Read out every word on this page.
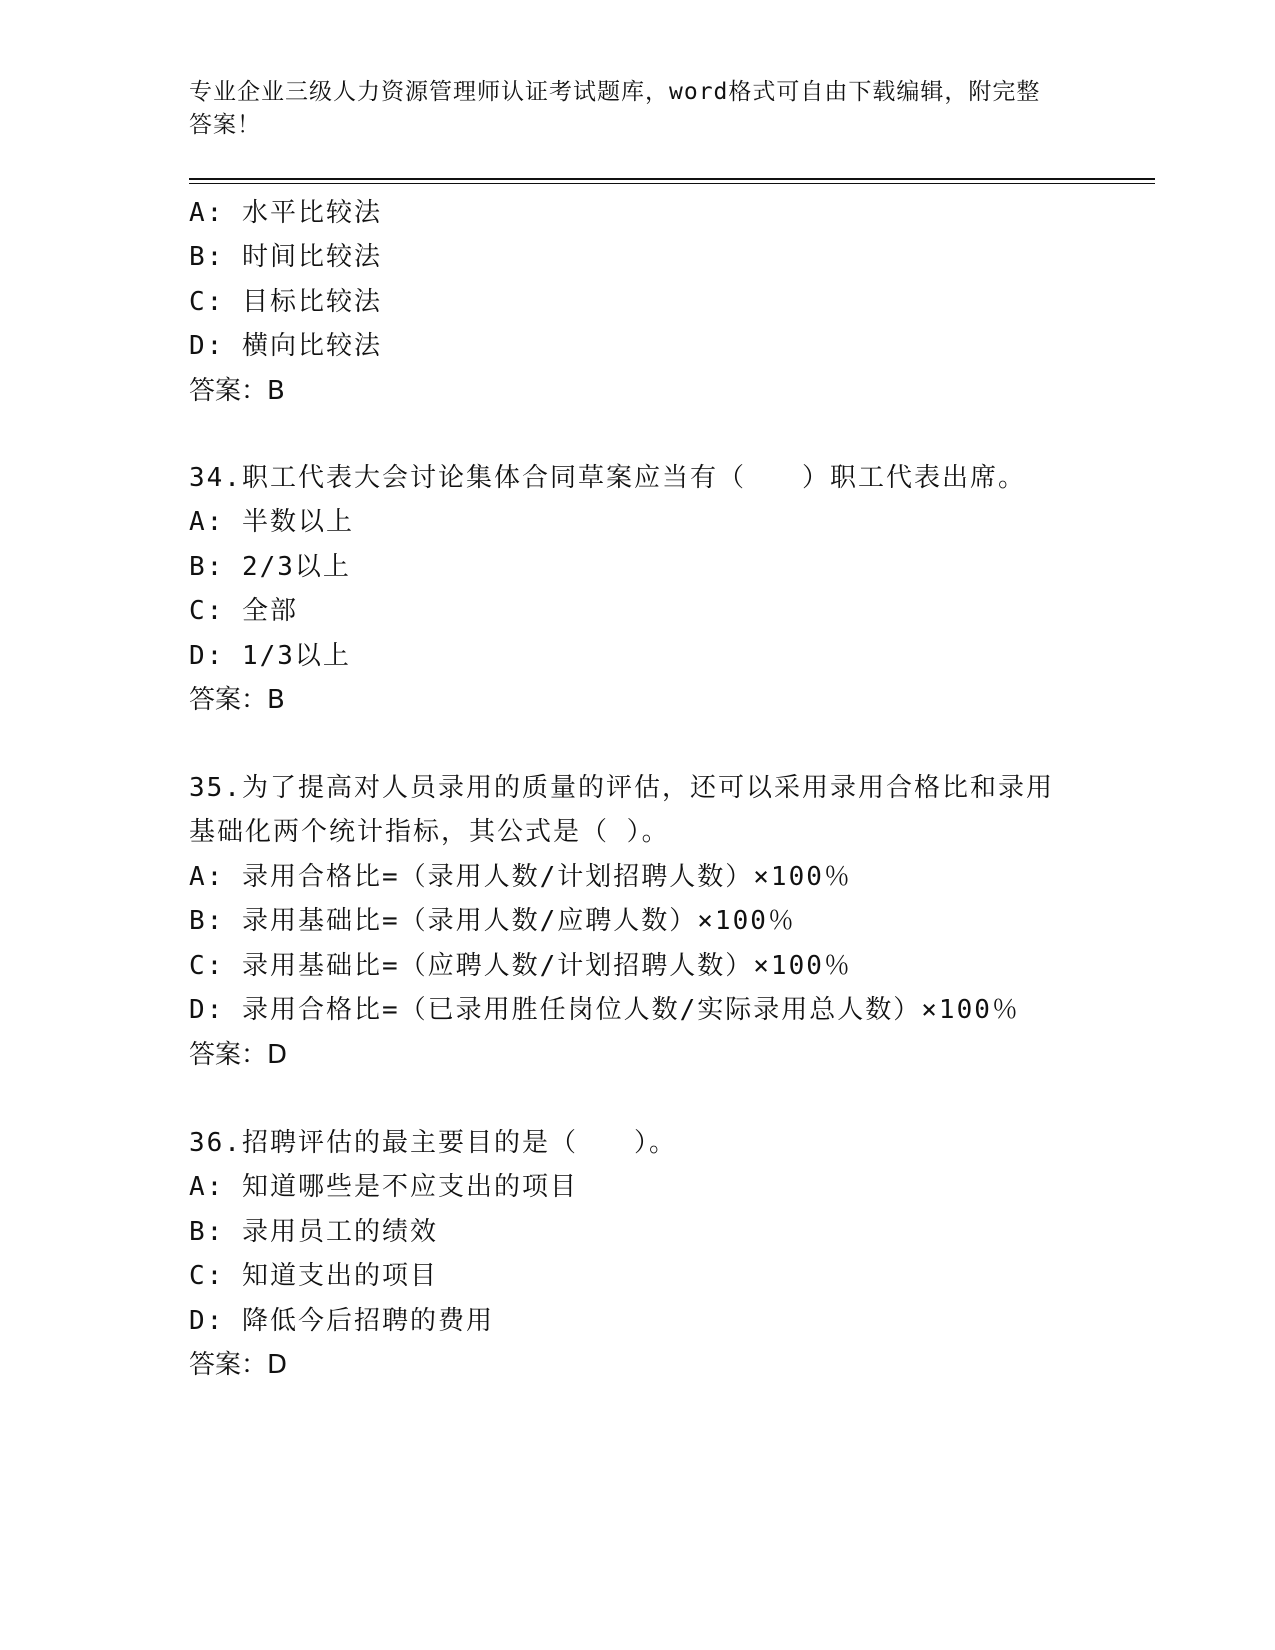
专业企业三级人力资源管理师认证考试题库，word格式可自由下载编辑，附完整
答案！
A: 水平比较法
B: 时间比较法
C: 目标比较法
D: 横向比较法
答案：B
34.职工代表大会讨论集体合同草案应当有（　　）职工代表出席。
A: 半数以上
B: 2/3以上
C: 全部
D: 1/3以上
答案：B
35.为了提高对人员录用的质量的评估，还可以采用录用合格比和录用
基础化两个统计指标，其公式是（ ）。
A: 录用合格比=（录用人数/计划招聘人数）×100％
B: 录用基础比=（录用人数/应聘人数）×100％
C: 录用基础比=（应聘人数/计划招聘人数）×100％
D: 录用合格比=（已录用胜任岗位人数/实际录用总人数）×100％
答案：D
36.招聘评估的最主要目的是（　　）。
A: 知道哪些是不应支出的项目
B: 录用员工的绩效
C: 知道支出的项目
D: 降低今后招聘的费用
答案：D
